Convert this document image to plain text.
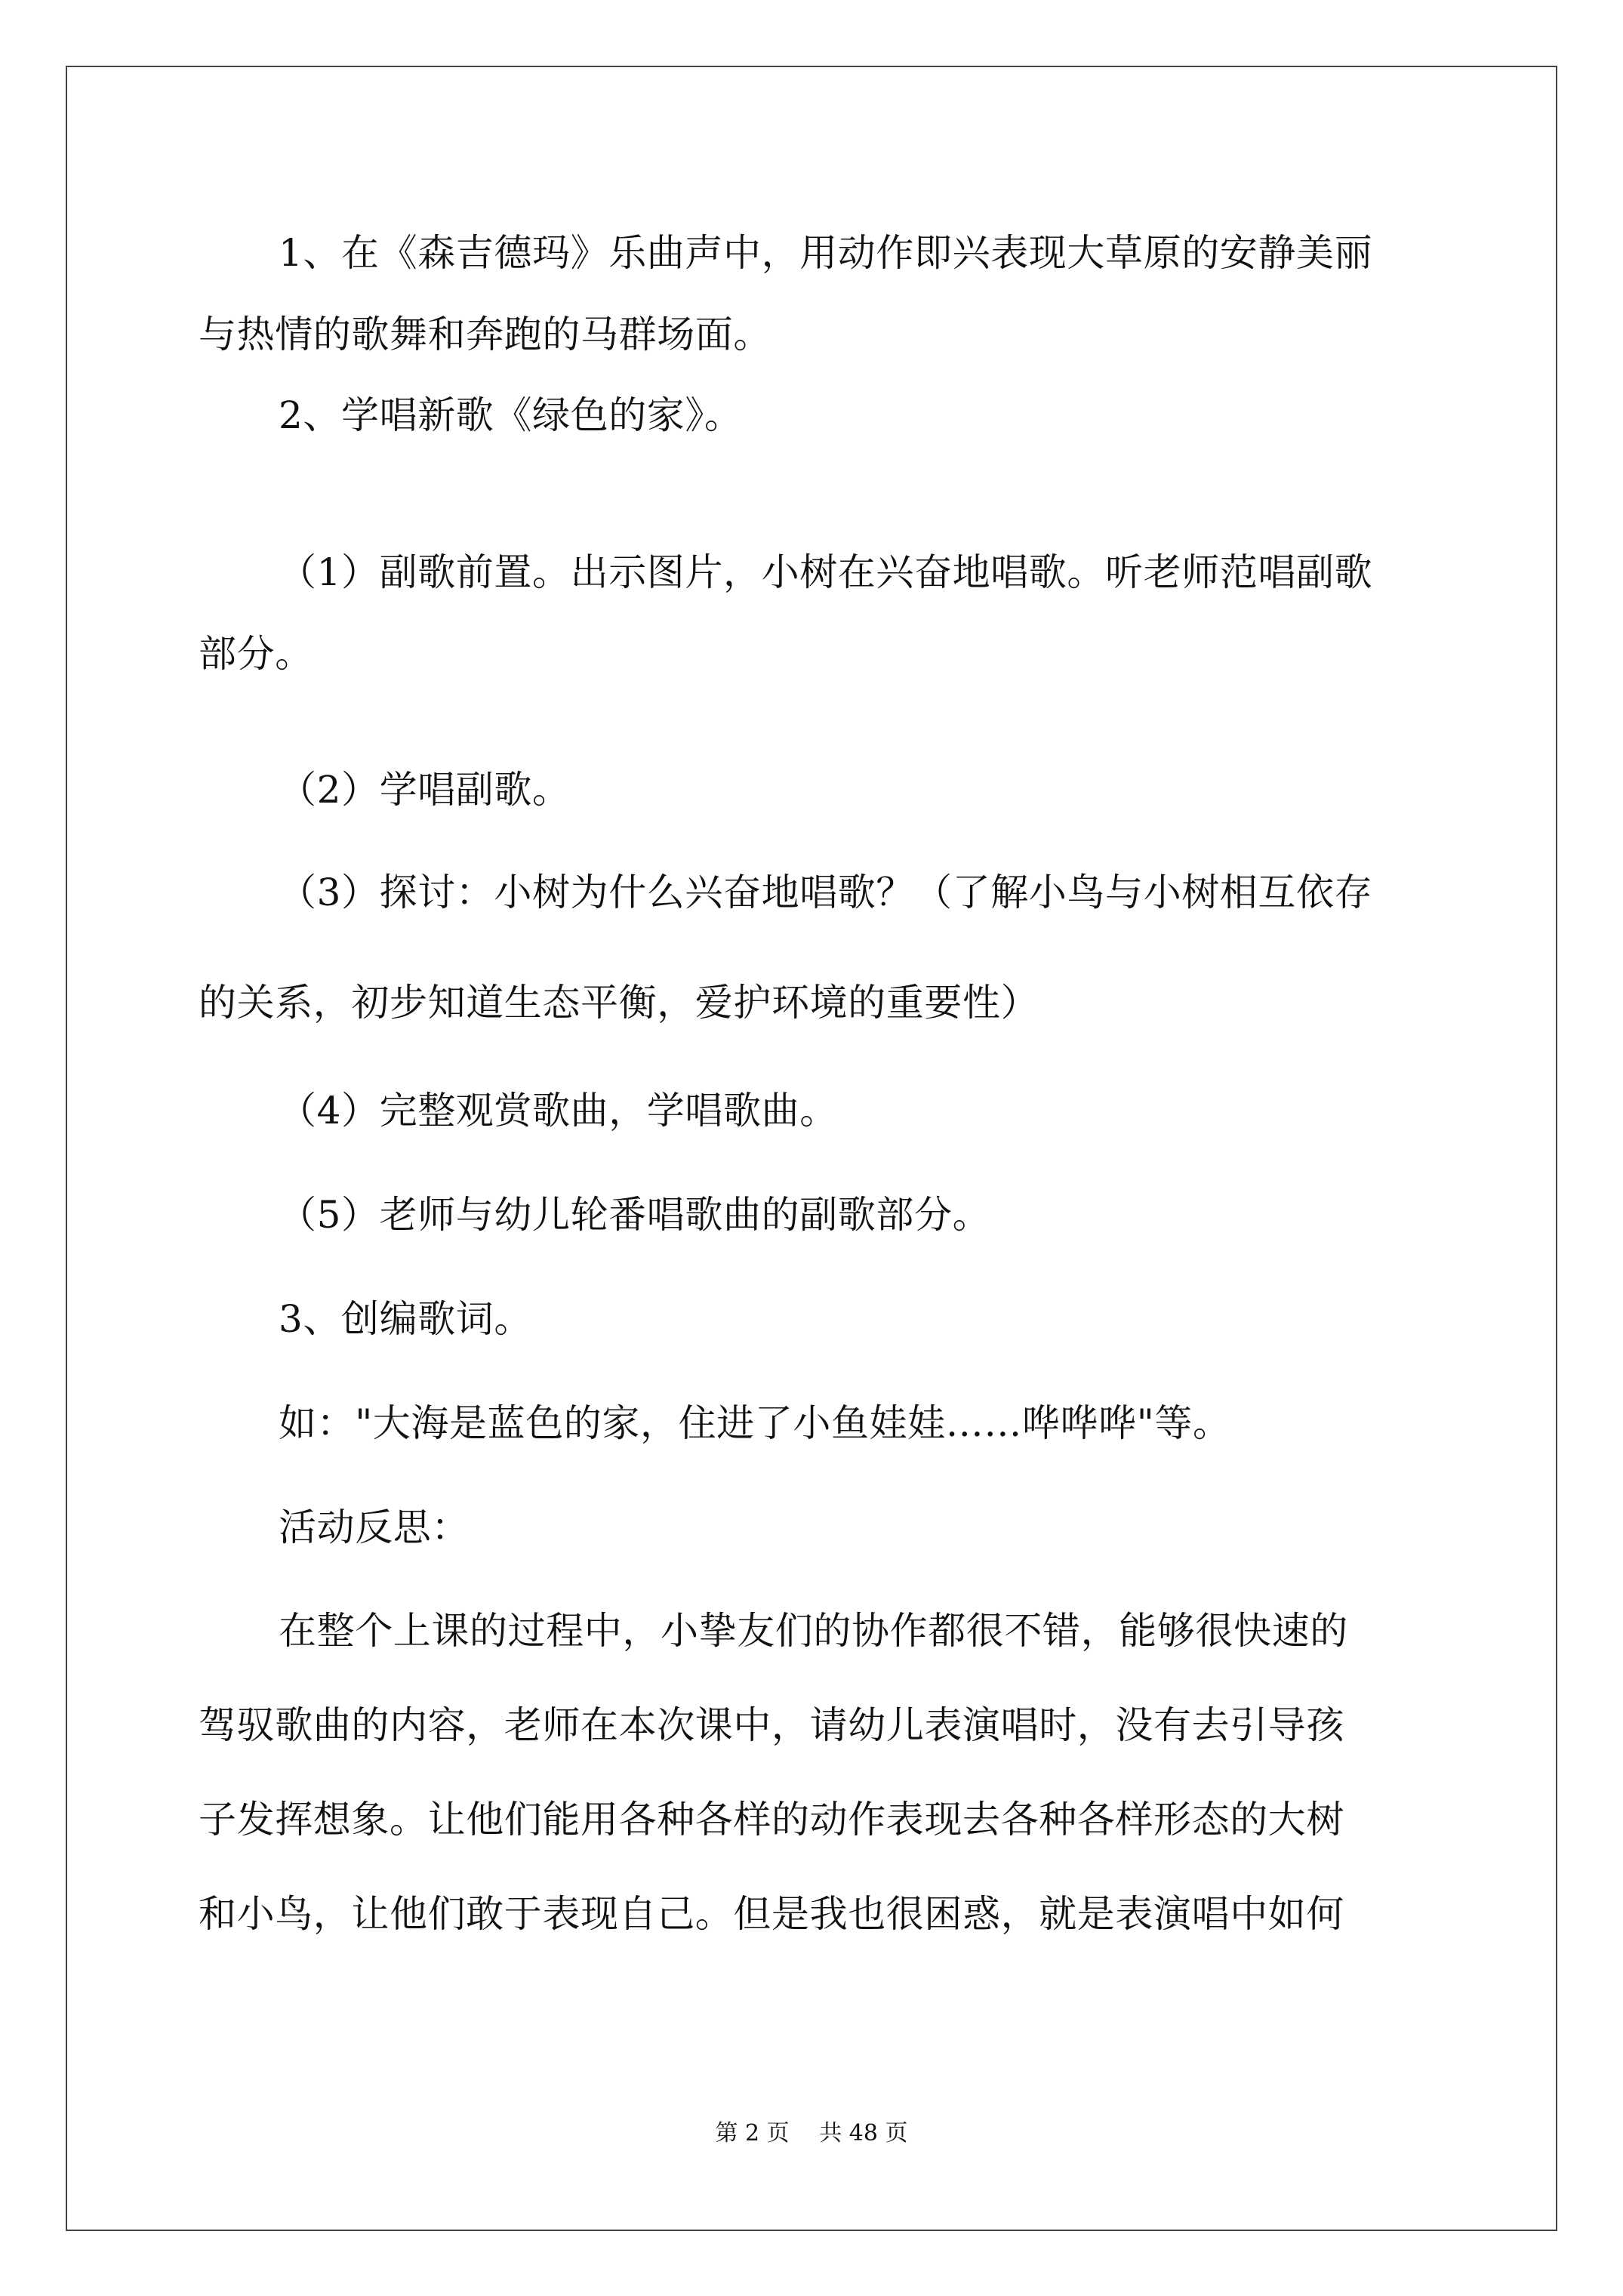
1、在《森吉德玛》乐曲声中，用动作即兴表现大草原的安静美丽
与热情的歌舞和奔跑的马群场面。
2、学唱新歌《绿色的家》。
（1）副歌前置。出示图片，小树在兴奋地唱歌。听老师范唱副歌
部分。
（2）学唱副歌。
（3）探讨：小树为什么兴奋地唱歌？（了解小鸟与小树相互依存
的关系，初步知道生态平衡，爱护环境的重要性）
（4）完整观赏歌曲，学唱歌曲。
（5）老师与幼儿轮番唱歌曲的副歌部分。
3、创编歌词。
如："大海是蓝色的家，住进了小鱼娃娃……哗哗哗"等。
活动反思：
在整个上课的过程中，小挚友们的协作都很不错，能够很快速的
驾驭歌曲的内容，老师在本次课中，请幼儿表演唱时，没有去引导孩
子发挥想象。让他们能用各种各样的动作表现去各种各样形态的大树
和小鸟，让他们敢于表现自己。但是我也很困惑，就是表演唱中如何
第 2 页 共 48 页
